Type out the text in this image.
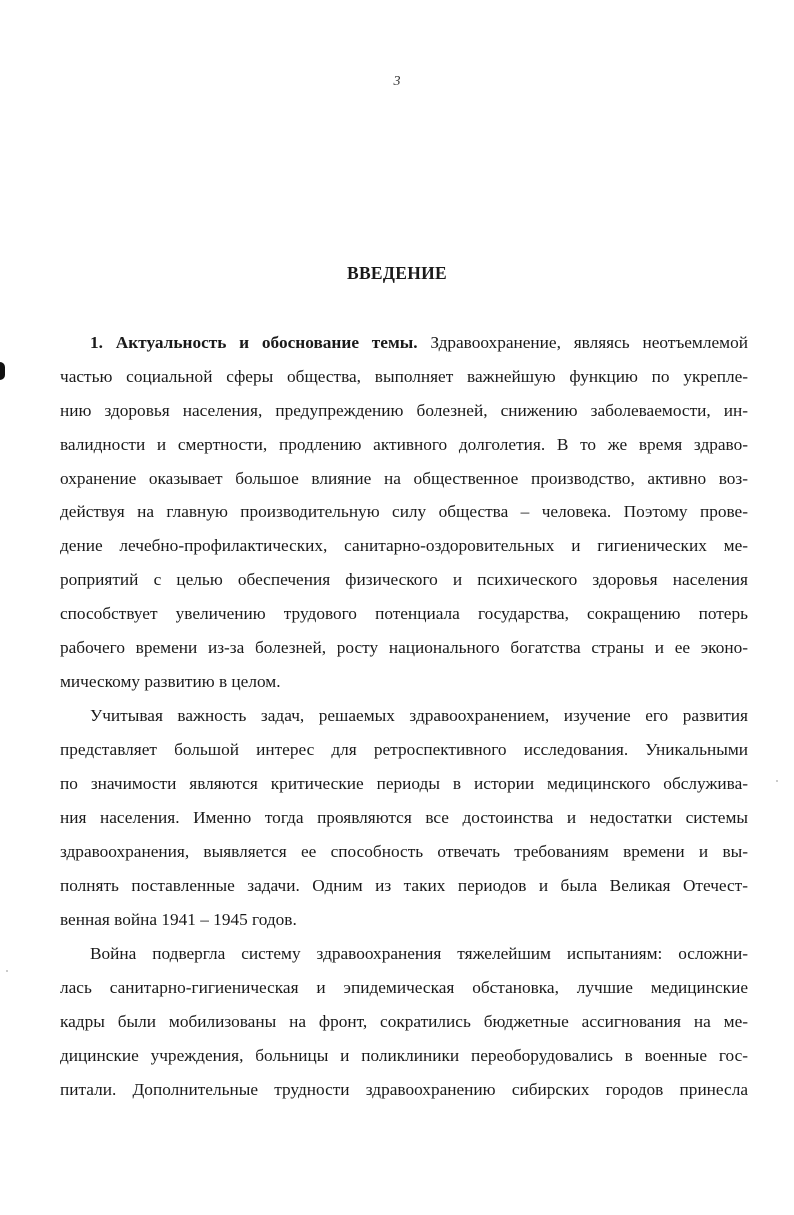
3
ВВЕДЕНИЕ
1. Актуальность и обоснование темы. Здравоохранение, являясь неотъемлемой
частью социальной сферы общества, выполняет важнейшую функцию по укрепле-
нию здоровья населения, предупреждению болезней, снижению заболеваемости, ин-
валидности и смертности, продлению активного долголетия. В то же время здраво-
охранение оказывает большое влияние на общественное производство, активно воз-
действуя на главную производительную силу общества – человека. Поэтому прове-
дение лечебно-профилактических, санитарно-оздоровительных и гигиенических ме-
роприятий с целью обеспечения физического и психического здоровья населения
способствует увеличению трудового потенциала государства, сокращению потерь
рабочего времени из-за болезней, росту национального богатства страны и ее эконо-
мическому развитию в целом.
Учитывая важность задач, решаемых здравоохранением, изучение его развития
представляет большой интерес для ретроспективного исследования. Уникальными
по значимости являются критические периоды в истории медицинского обслужива-
ния населения. Именно тогда проявляются все достоинства и недостатки системы
здравоохранения, выявляется ее способность отвечать требованиям времени и вы-
полнять поставленные задачи. Одним из таких периодов и была Великая Отечест-
венная война 1941 – 1945 годов.
Война подвергла систему здравоохранения тяжелейшим испытаниям: осложни-
лась санитарно-гигиеническая и эпидемическая обстановка, лучшие медицинские
кадры были мобилизованы на фронт, сократились бюджетные ассигнования на ме-
дицинские учреждения, больницы и поликлиники переоборудовались в военные гос-
питали. Дополнительные трудности здравоохранению сибирских городов принесла
